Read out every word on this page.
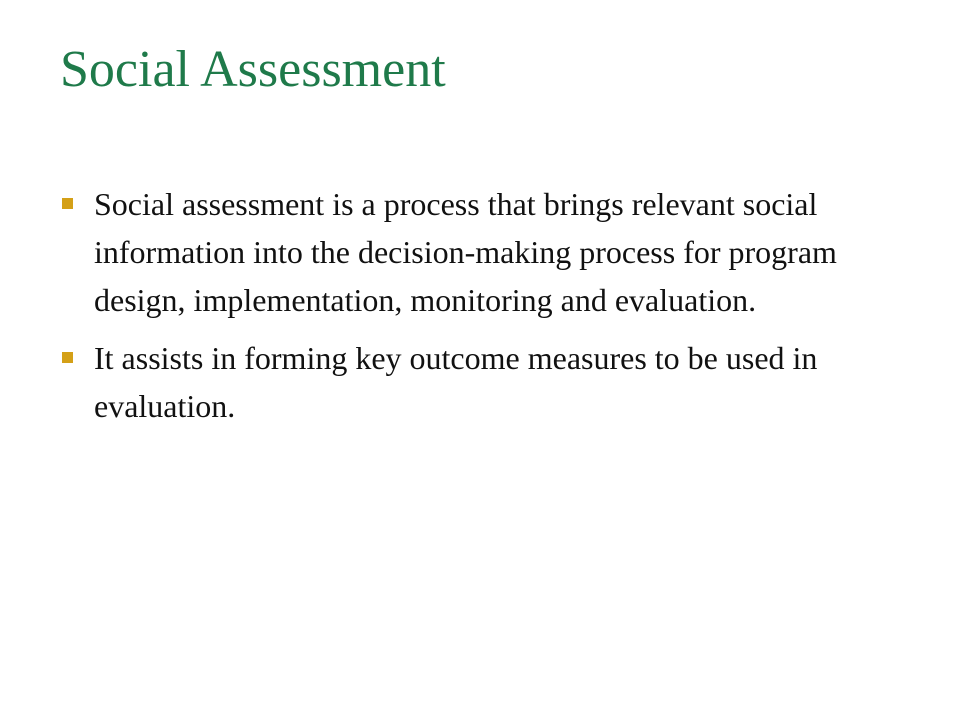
Social Assessment
Social assessment is a process that brings relevant social information into the decision-making process for program design, implementation, monitoring and evaluation.
It assists in forming key outcome measures to be used in evaluation.
